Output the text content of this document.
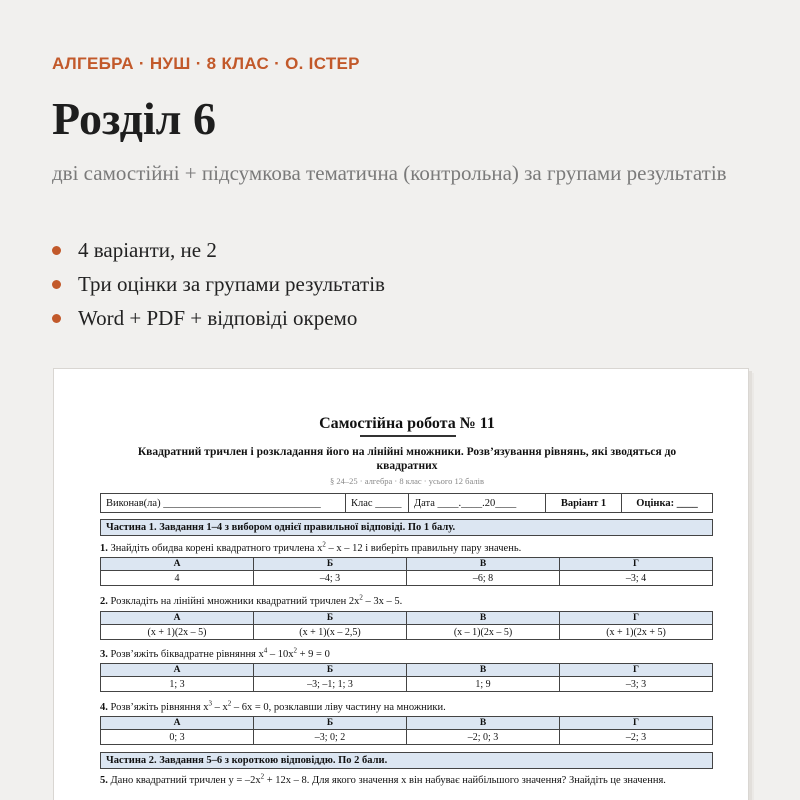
АЛГЕБРА · НУШ · 8 КЛАС · О. ІСТЕР
Розділ 6
дві самостійні + підсумкова тематична (контрольна) за групами результатів
4 варіанти, не 2
Три оцінки за групами результатів
Word + PDF + відповіді окремо
Самостійна робота № 11
Квадратний тричлен і розкладання його на лінійні множники. Розв’язування рівнянь, які зводяться до квадратних
§ 24–25 · алгебра · 8 клас · усього 12 балів
Виконав(ла) ______________________________	Клас _____	Дата ____.____.20____	Варіант 1	Оцінка: ____
Частина 1. Завдання 1–4 з вибором однієї правильної відповіді. По 1 балу.
1. Знайдіть обидва корені квадратного тричлена $x^2$ – x – 12 і виберіть правильну пару значень.
А	Б	В	Г
4	–4; 3	–6; 8	–3; 4
2. Розкладіть на лінійні множники квадратний тричлен $2x^2 - 3x - 5$.
А	Б	В	Г
(x + 1)(2x – 5)	(x + 1)(x – 2,5)	(x – 1)(2x – 5)	(x + 1)(2x + 5)
3. Розв’яжіть біквадратне рівняння $x^4 - 10x^2 + 9 = 0$
А	Б	В	Г
1; 3	–3; –1; 1; 3	1; 9	–3; 3
4. Розв’яжіть рівняння $x^3 - x^2 - 6x = 0$, розклавши ліву частину на множники.
А	Б	В	Г
0; 3	–3; 0; 2	–2; 0; 3	–2; 3
Частина 2. Завдання 5–6 з короткою відповіддю. По 2 бали.
5. Дано квадратний тричлен $y = -2x^2 + 12x - 8$. Для якого значення x він набуває найбільшого значення? Знайдіть це значення.
